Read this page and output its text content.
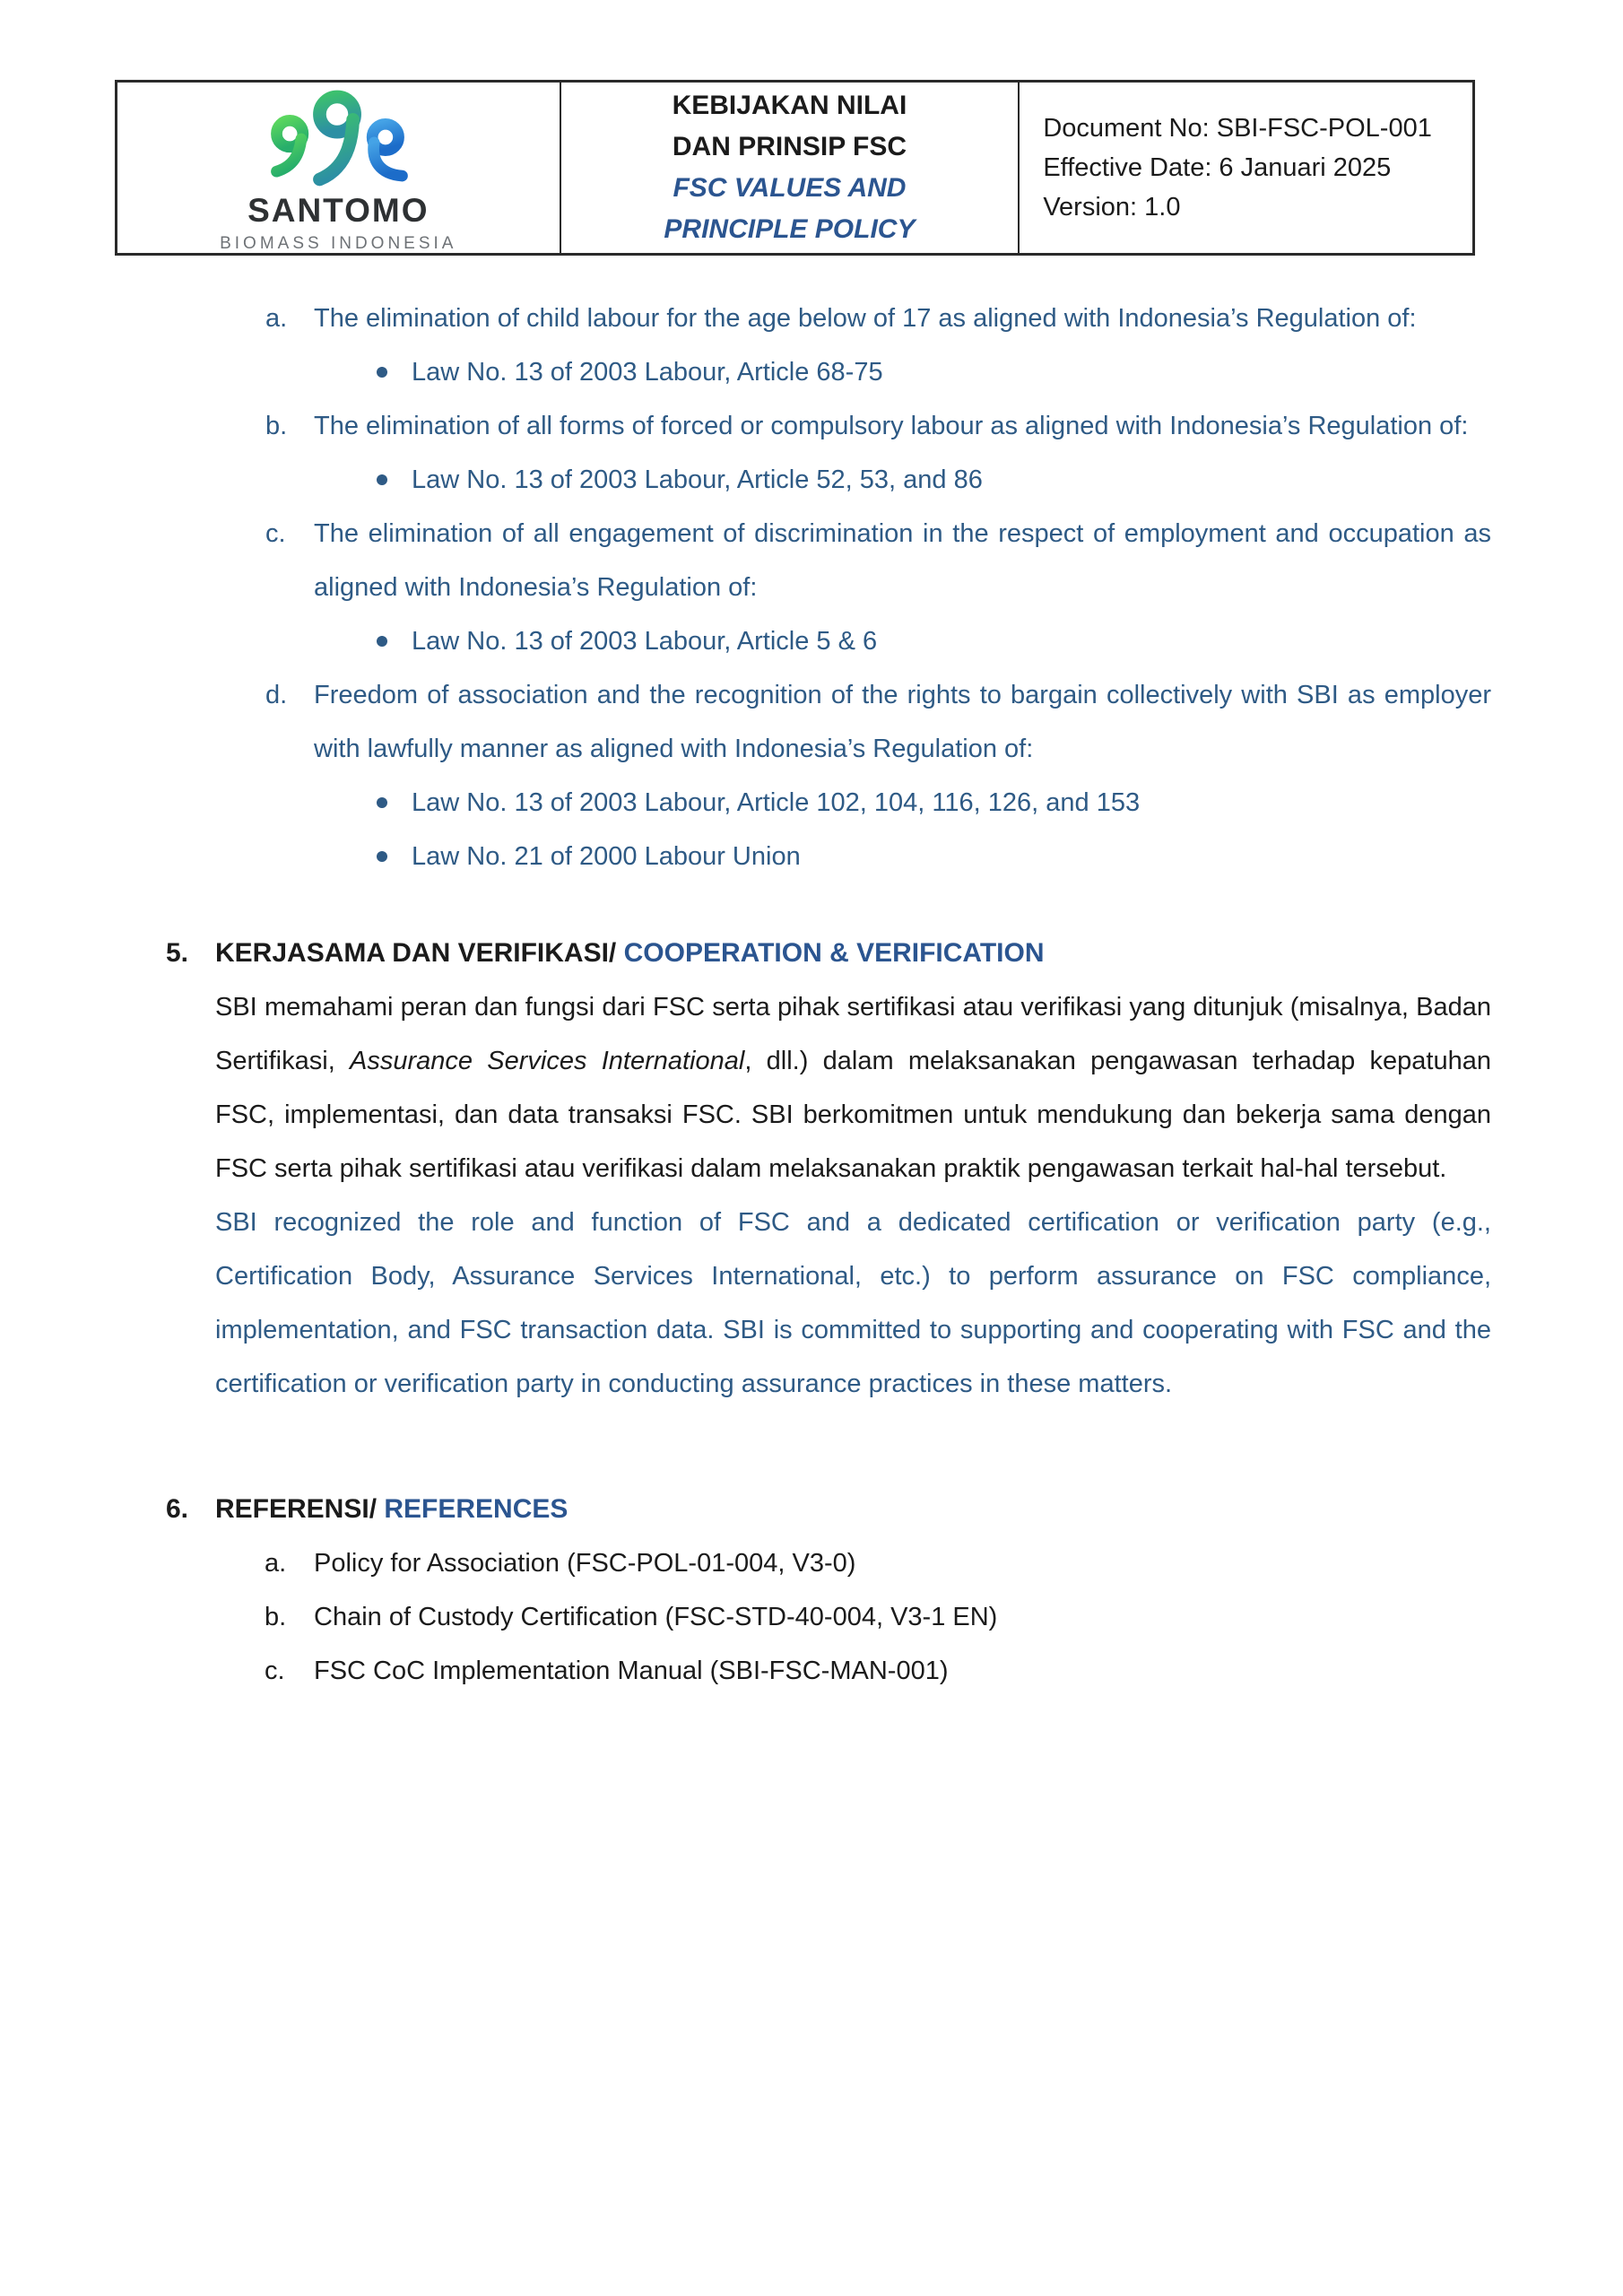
SANTOMO
BIOMASS INDONESIA
KEBIJAKAN NILAI
DAN PRINSIP FSC
FSC VALUES AND
PRINCIPLE POLICY
Document No: SBI-FSC-POL-001
Effective Date: 6 Januari 2025
Version: 1.0
a. The elimination of child labour for the age below of 17 as aligned with Indonesia’s Regulation of:
Law No. 13 of 2003 Labour, Article 68-75
b. The elimination of all forms of forced or compulsory labour as aligned with Indonesia’s Regulation of:
Law No. 13 of 2003 Labour, Article 52, 53, and 86
c. The elimination of all engagement of discrimination in the respect of employment and occupation as aligned with Indonesia’s Regulation of:
Law No. 13 of 2003 Labour, Article 5 & 6
d. Freedom of association and the recognition of the rights to bargain collectively with SBI as employer with lawfully manner as aligned with Indonesia’s Regulation of:
Law No. 13 of 2003 Labour, Article 102, 104, 116, 126, and 153
Law No. 21 of 2000 Labour Union
5. KERJASAMA DAN VERIFIKASI/ COOPERATION & VERIFICATION

SBI memahami peran dan fungsi dari FSC serta pihak sertifikasi atau verifikasi yang ditunjuk (misalnya, Badan Sertifikasi, Assurance Services International, dll.) dalam melaksanakan pengawasan terhadap kepatuhan FSC, implementasi, dan data transaksi FSC. SBI berkomitmen untuk mendukung dan bekerja sama dengan FSC serta pihak sertifikasi atau verifikasi dalam melaksanakan praktik pengawasan terkait hal-hal tersebut.

SBI recognized the role and function of FSC and a dedicated certification or verification party (e.g., Certification Body, Assurance Services International, etc.) to perform assurance on FSC compliance, implementation, and FSC transaction data. SBI is committed to supporting and cooperating with FSC and the certification or verification party in conducting assurance practices in these matters.

6. REFERENSI/ REFERENCES
a. Policy for Association (FSC-POL-01-004, V3-0)
b. Chain of Custody Certification (FSC-STD-40-004, V3-1 EN)
c. FSC CoC Implementation Manual (SBI-FSC-MAN-001)
